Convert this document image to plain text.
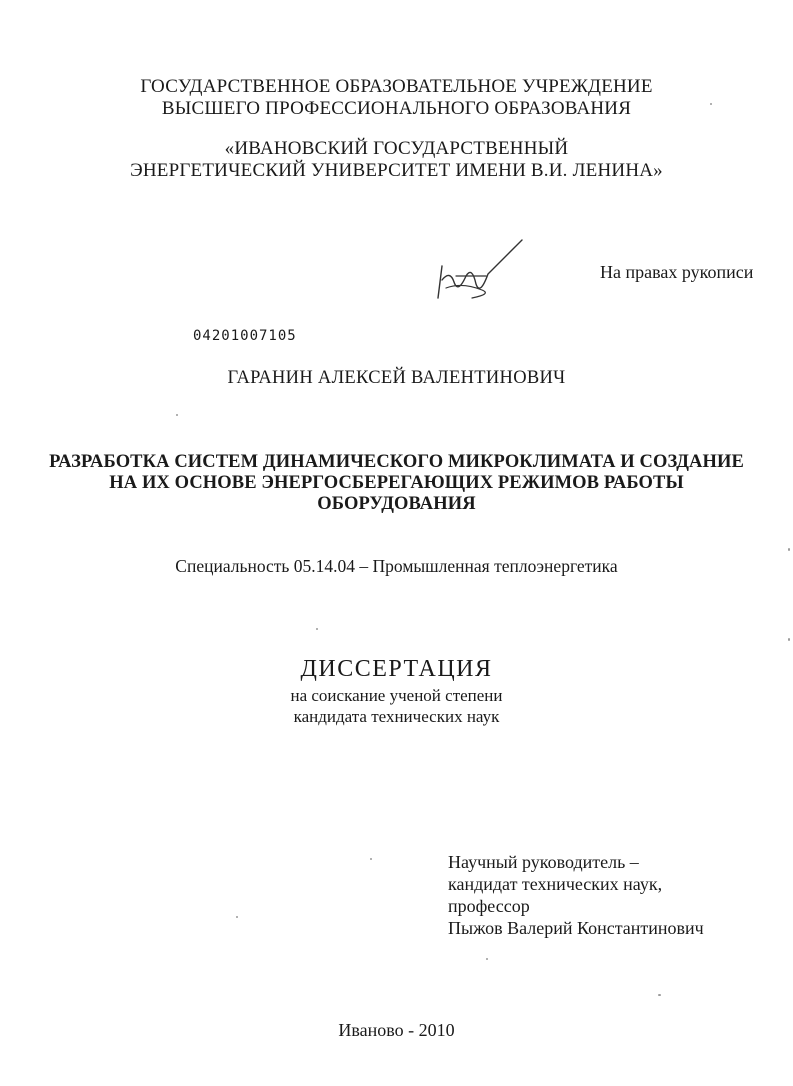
ГОСУДАРСТВЕННОЕ ОБРАЗОВАТЕЛЬНОЕ УЧРЕЖДЕНИЕ
ВЫСШЕГО ПРОФЕССИОНАЛЬНОГО ОБРАЗОВАНИЯ
«ИВАНОВСКИЙ ГОСУДАРСТВЕННЫЙ
ЭНЕРГЕТИЧЕСКИЙ УНИВЕРСИТЕТ ИМЕНИ В.И. ЛЕНИНА»
На правах рукописи
04201007105
ГАРАНИН АЛЕКСЕЙ ВАЛЕНТИНОВИЧ
РАЗРАБОТКА СИСТЕМ ДИНАМИЧЕСКОГО МИКРОКЛИМАТА И СОЗДАНИЕ
НА ИХ ОСНОВЕ ЭНЕРГОСБЕРЕГАЮЩИХ РЕЖИМОВ РАБОТЫ
ОБОРУДОВАНИЯ
Специальность 05.14.04 – Промышленная теплоэнергетика
ДИССЕРТАЦИЯ
на соискание ученой степени
кандидата технических наук
Научный руководитель –
кандидат технических наук,
профессор
Пыжов Валерий Константинович
Иваново - 2010
